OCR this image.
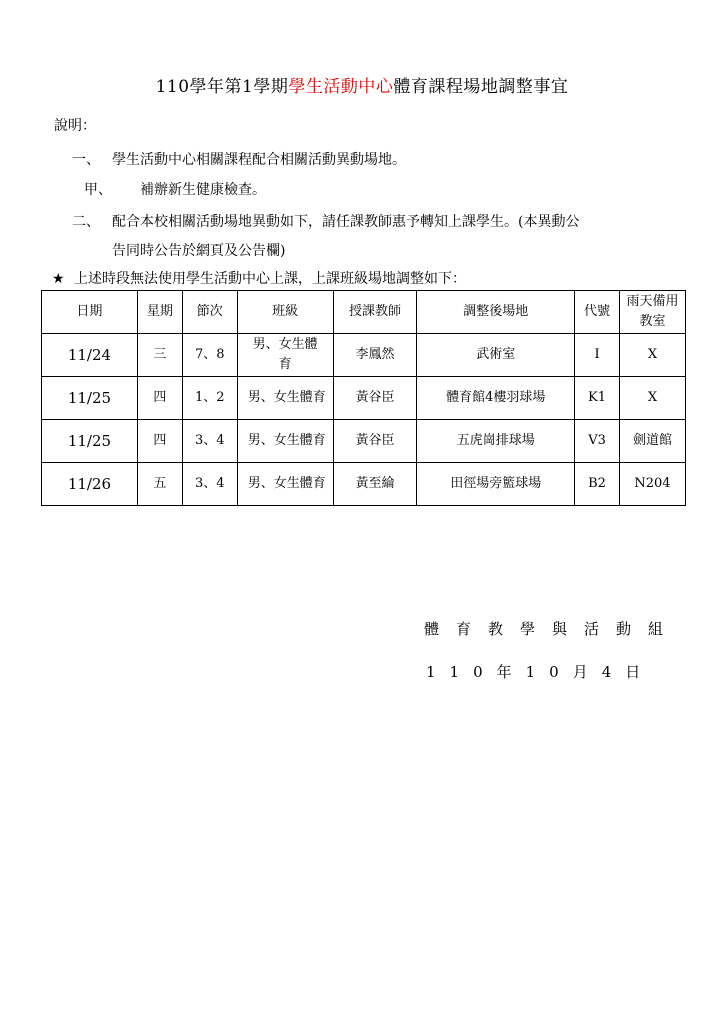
110學年第1學期學生活動中心體育課程場地調整事宜
說明：
一、 學生活動中心相關課程配合相關活動異動場地。
甲、 補辦新生健康檢查。
二、 配合本校相關活動場地異動如下，請任課教師惠予轉知上課學生。(本異動公
告同時公告於網頁及公告欄)
★ 上述時段無法使用學生活動中心上課，上課班級場地調整如下：
日期	星期	節次	班級	授課教師	調整後場地	代號	雨天備用教室
11/24	三	7、8	男、女生體育	李鳳然	武術室	I	X
11/25	四	1、2	男、女生體育	黃谷臣	體育館4樓羽球場	K1	X
11/25	四	3、4	男、女生體育	黃谷臣	五虎崗排球場	V3	劍道館
11/26	五	3、4	男、女生體育	黃至綸	田徑場旁籃球場	B2	N204
體育教學與活動組
110年10月4日
